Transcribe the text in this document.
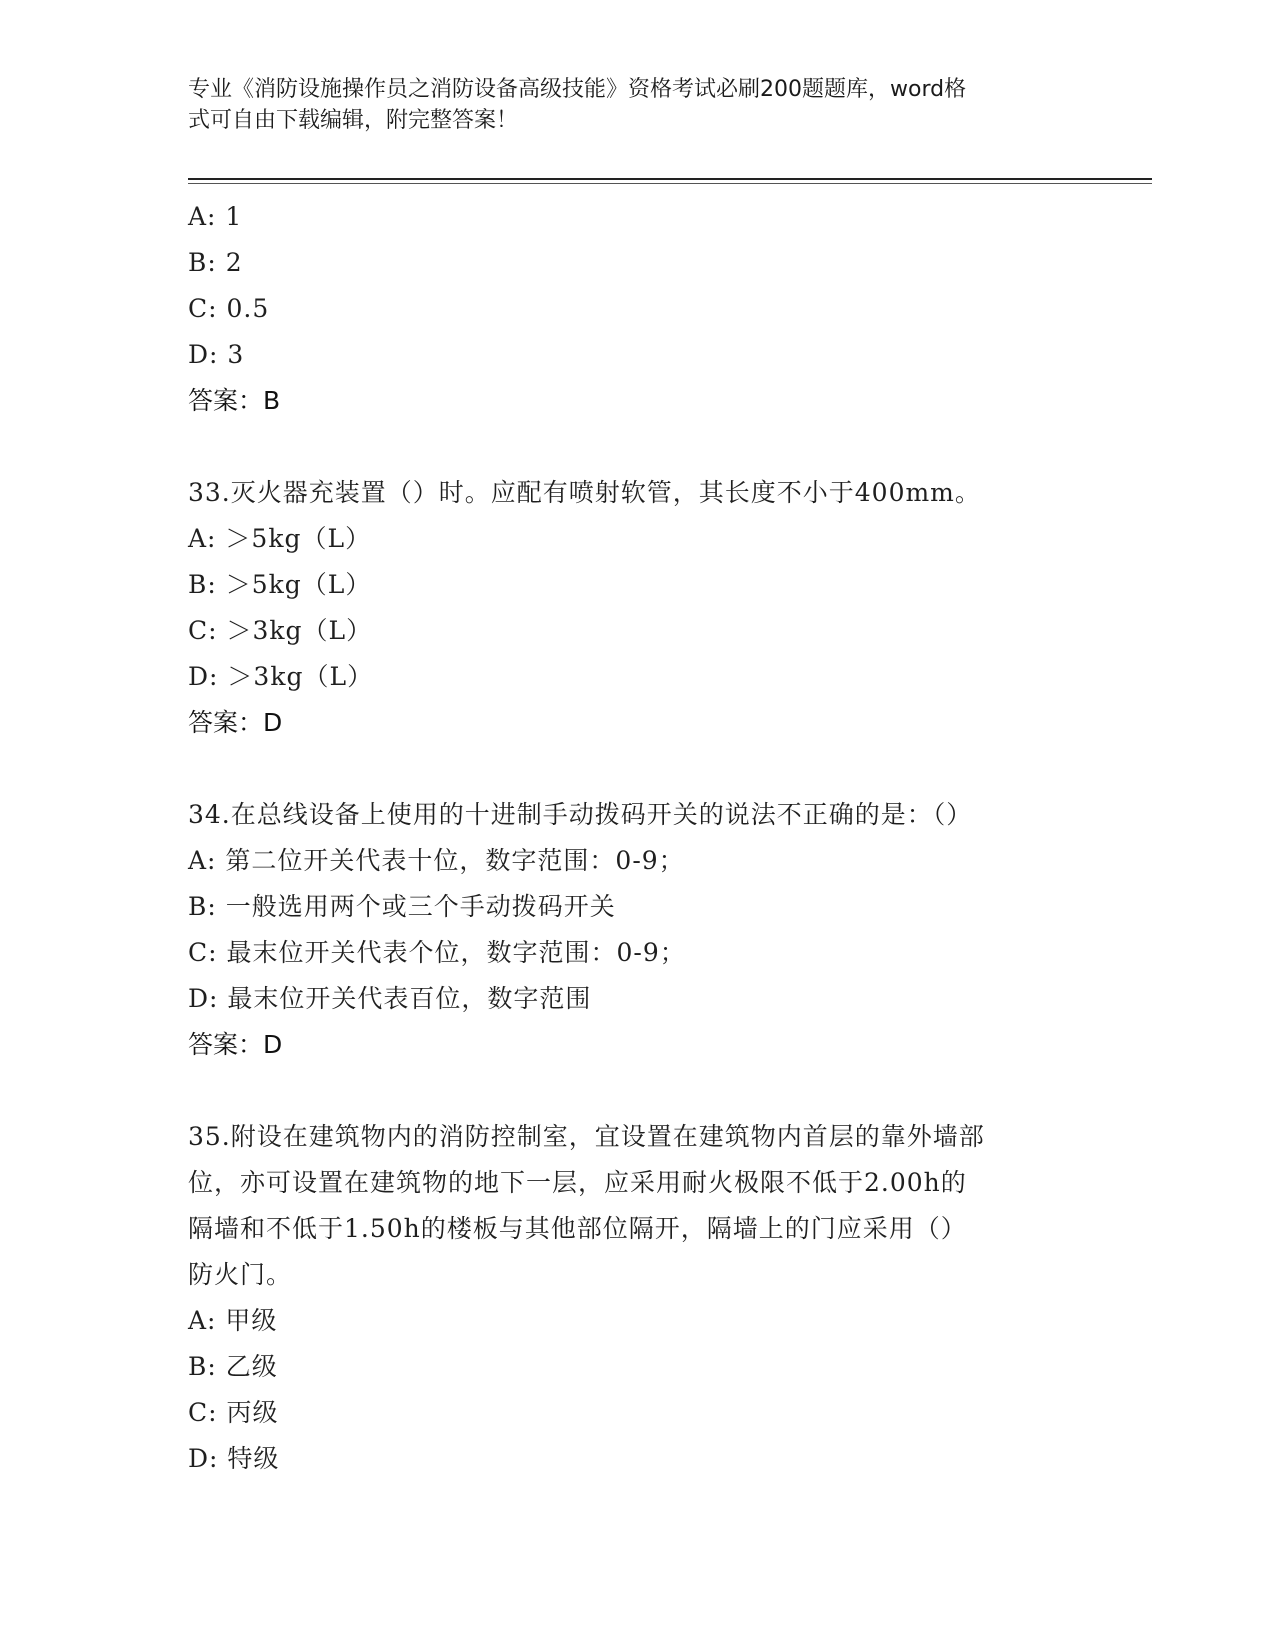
专业《消防设施操作员之消防设备高级技能》资格考试必刷200题题库，word格
式可自由下载编辑，附完整答案！
A: 1
B: 2
C: 0.5
D: 3
答案：B
33.灭火器充装置（）时。应配有喷射软管，其长度不小于400mm。
A: ＞5kg（L）
B: ＞5kg（L）
C: ＞3kg（L）
D: ＞3kg（L）
答案：D
34.在总线设备上使用的十进制手动拨码开关的说法不正确的是：（）
A: 第二位开关代表十位，数字范围：0-9；
B: 一般选用两个或三个手动拨码开关
C: 最末位开关代表个位，数字范围：0-9；
D: 最末位开关代表百位，数字范围
答案：D
35.附设在建筑物内的消防控制室，宜设置在建筑物内首层的靠外墙部
位，亦可设置在建筑物的地下一层，应采用耐火极限不低于2.00h的
隔墙和不低于1.50h的楼板与其他部位隔开，隔墙上的门应采用（）
防火门。
A: 甲级
B: 乙级
C: 丙级
D: 特级
